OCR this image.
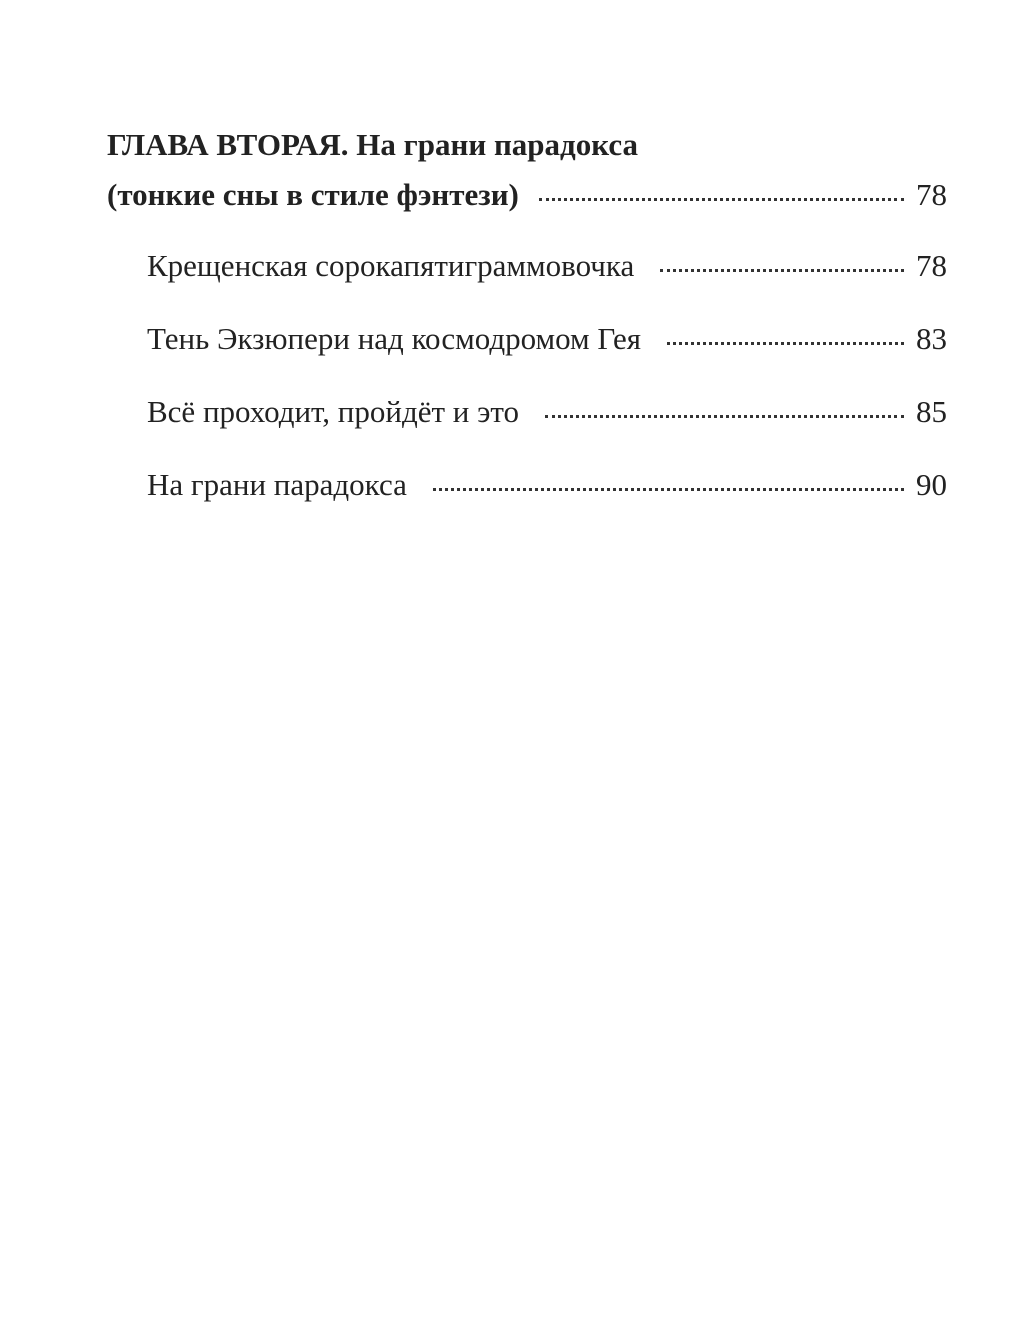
ГЛАВА ВТОРАЯ. На грани парадокса
(тонкие сны в стиле фэнтези)	78
Крещенская сорокапятиграммовочка	78
Тень Экзюпери над космодромом Гея	83
Всё проходит, пройдёт и это	85
На грани парадокса	90
